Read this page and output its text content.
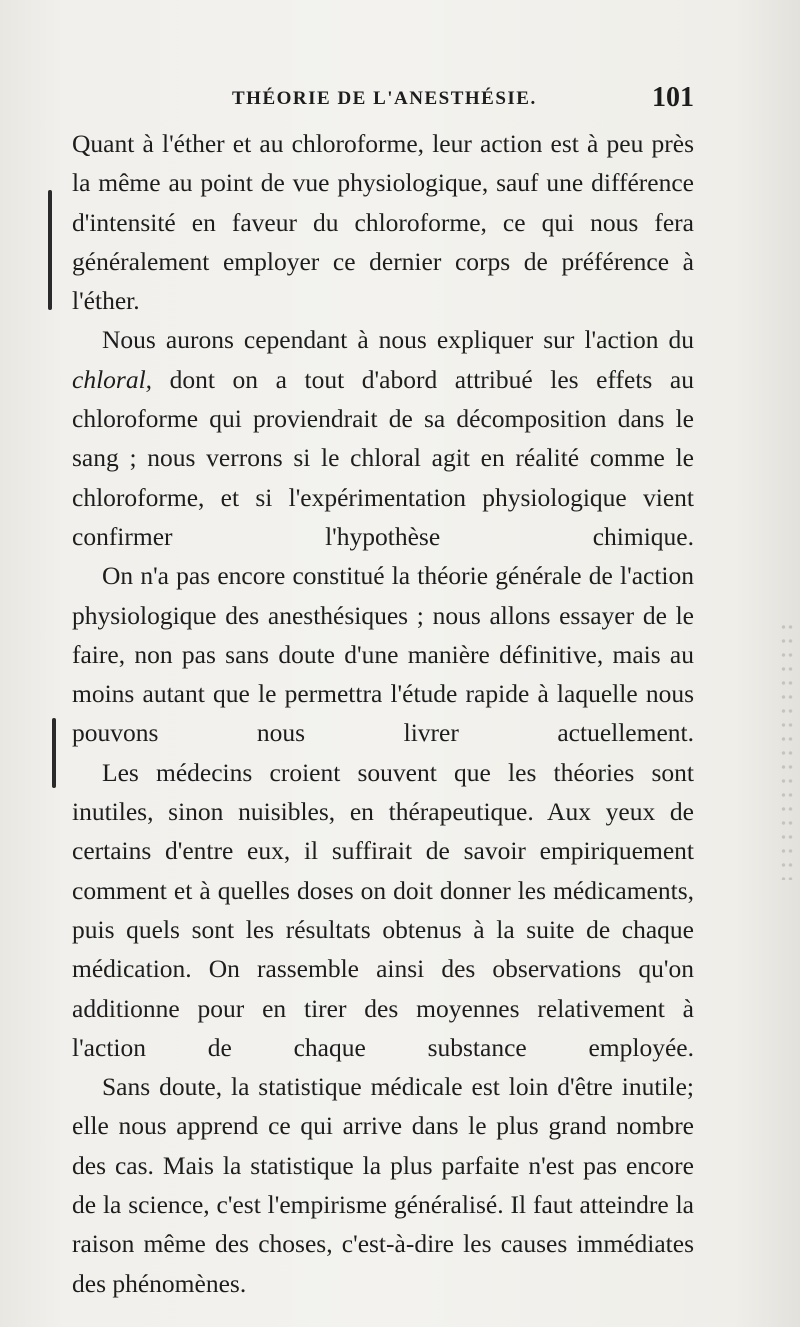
THÉORIE DE L'ANESTHÉSIE.	101

Quant à l'éther et au chloroforme, leur action est à peu près la même au point de vue physiologique, sauf une différence d'intensité en faveur du chloroforme, ce qui nous fera généralement employer ce dernier corps de préférence à l'éther.

Nous aurons cependant à nous expliquer sur l'action du chloral, dont on a tout d'abord attribué les effets au chloroforme qui proviendrait de sa décomposition dans le sang ; nous verrons si le chloral agit en réalité comme le chloroforme, et si l'expérimentation physiologique vient confirmer l'hypothèse chimique.

On n'a pas encore constitué la théorie générale de l'action physiologique des anesthésiques ; nous allons essayer de le faire, non pas sans doute d'une manière définitive, mais au moins autant que le permettra l'étude rapide à laquelle nous pouvons nous livrer actuellement.

Les médecins croient souvent que les théories sont inutiles, sinon nuisibles, en thérapeutique. Aux yeux de certains d'entre eux, il suffirait de savoir empiriquement comment et à quelles doses on doit donner les médicaments, puis quels sont les résultats obtenus à la suite de chaque médication. On rassemble ainsi des observations qu'on additionne pour en tirer des moyennes relativement à l'action de chaque substance employée.

Sans doute, la statistique médicale est loin d'être inutile; elle nous apprend ce qui arrive dans le plus grand nombre des cas. Mais la statistique la plus parfaite n'est pas encore de la science, c'est l'empirisme généralisé. Il faut atteindre la raison même des choses, c'est-à-dire les causes immédiates des phénomènes.
